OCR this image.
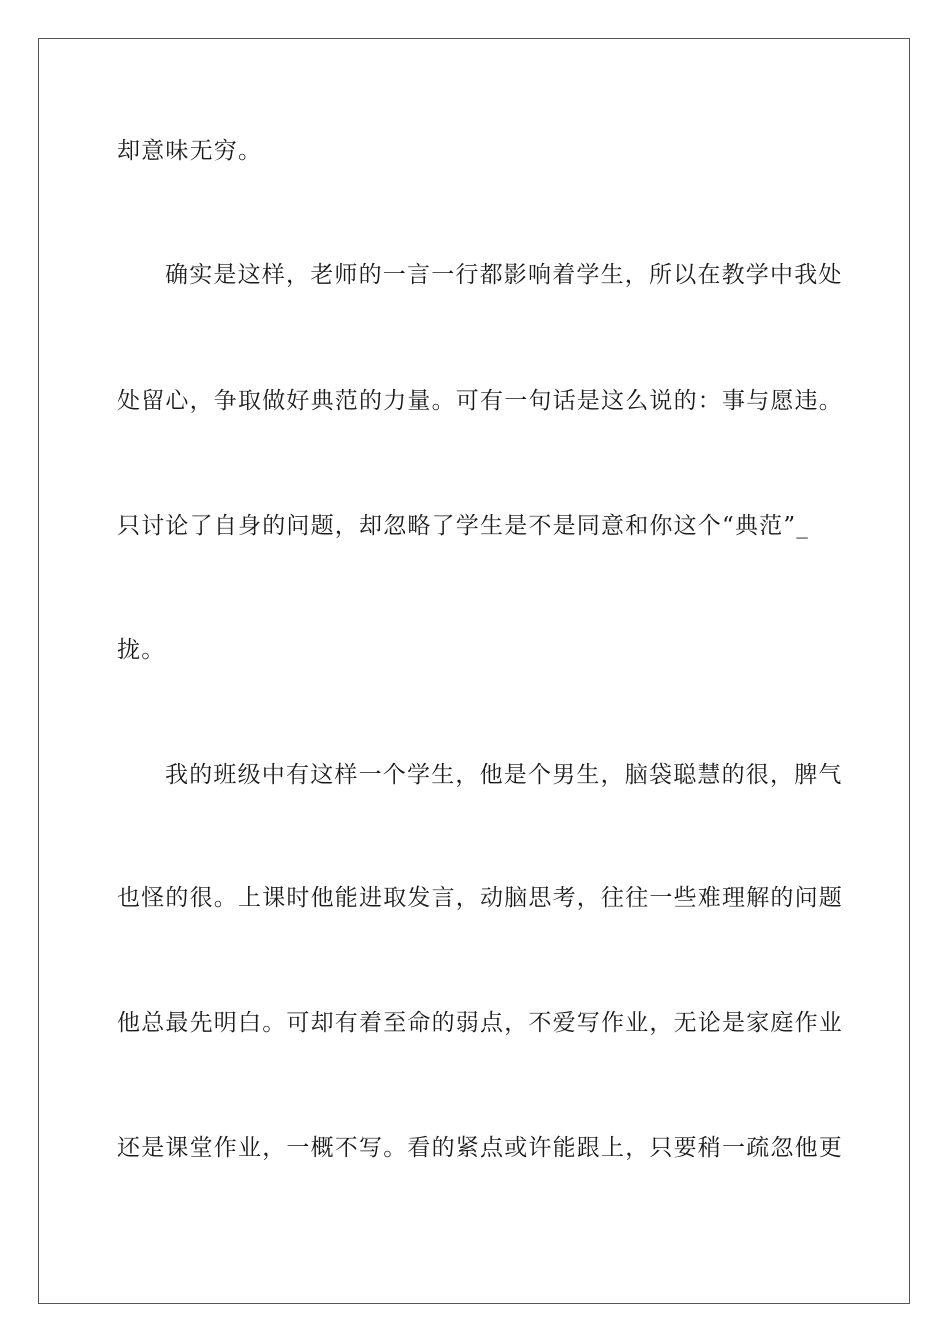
却意味无穷。
确实是这样，老师的一言一行都影响着学生，所以在教学中我处
处留心，争取做好典范的力量。可有一句话是这么说的：事与愿违。
只讨论了自身的问题，却忽略了学生是不是同意和你这个“典范”_
拢。
我的班级中有这样一个学生，他是个男生，脑袋聪慧的很，脾气
也怪的很。上课时他能进取发言，动脑思考，往往一些难理解的问题
他总最先明白。可却有着至命的弱点，不爱写作业，无论是家庭作业
还是课堂作业，一概不写。看的紧点或许能跟上，只要稍一疏忽他更
